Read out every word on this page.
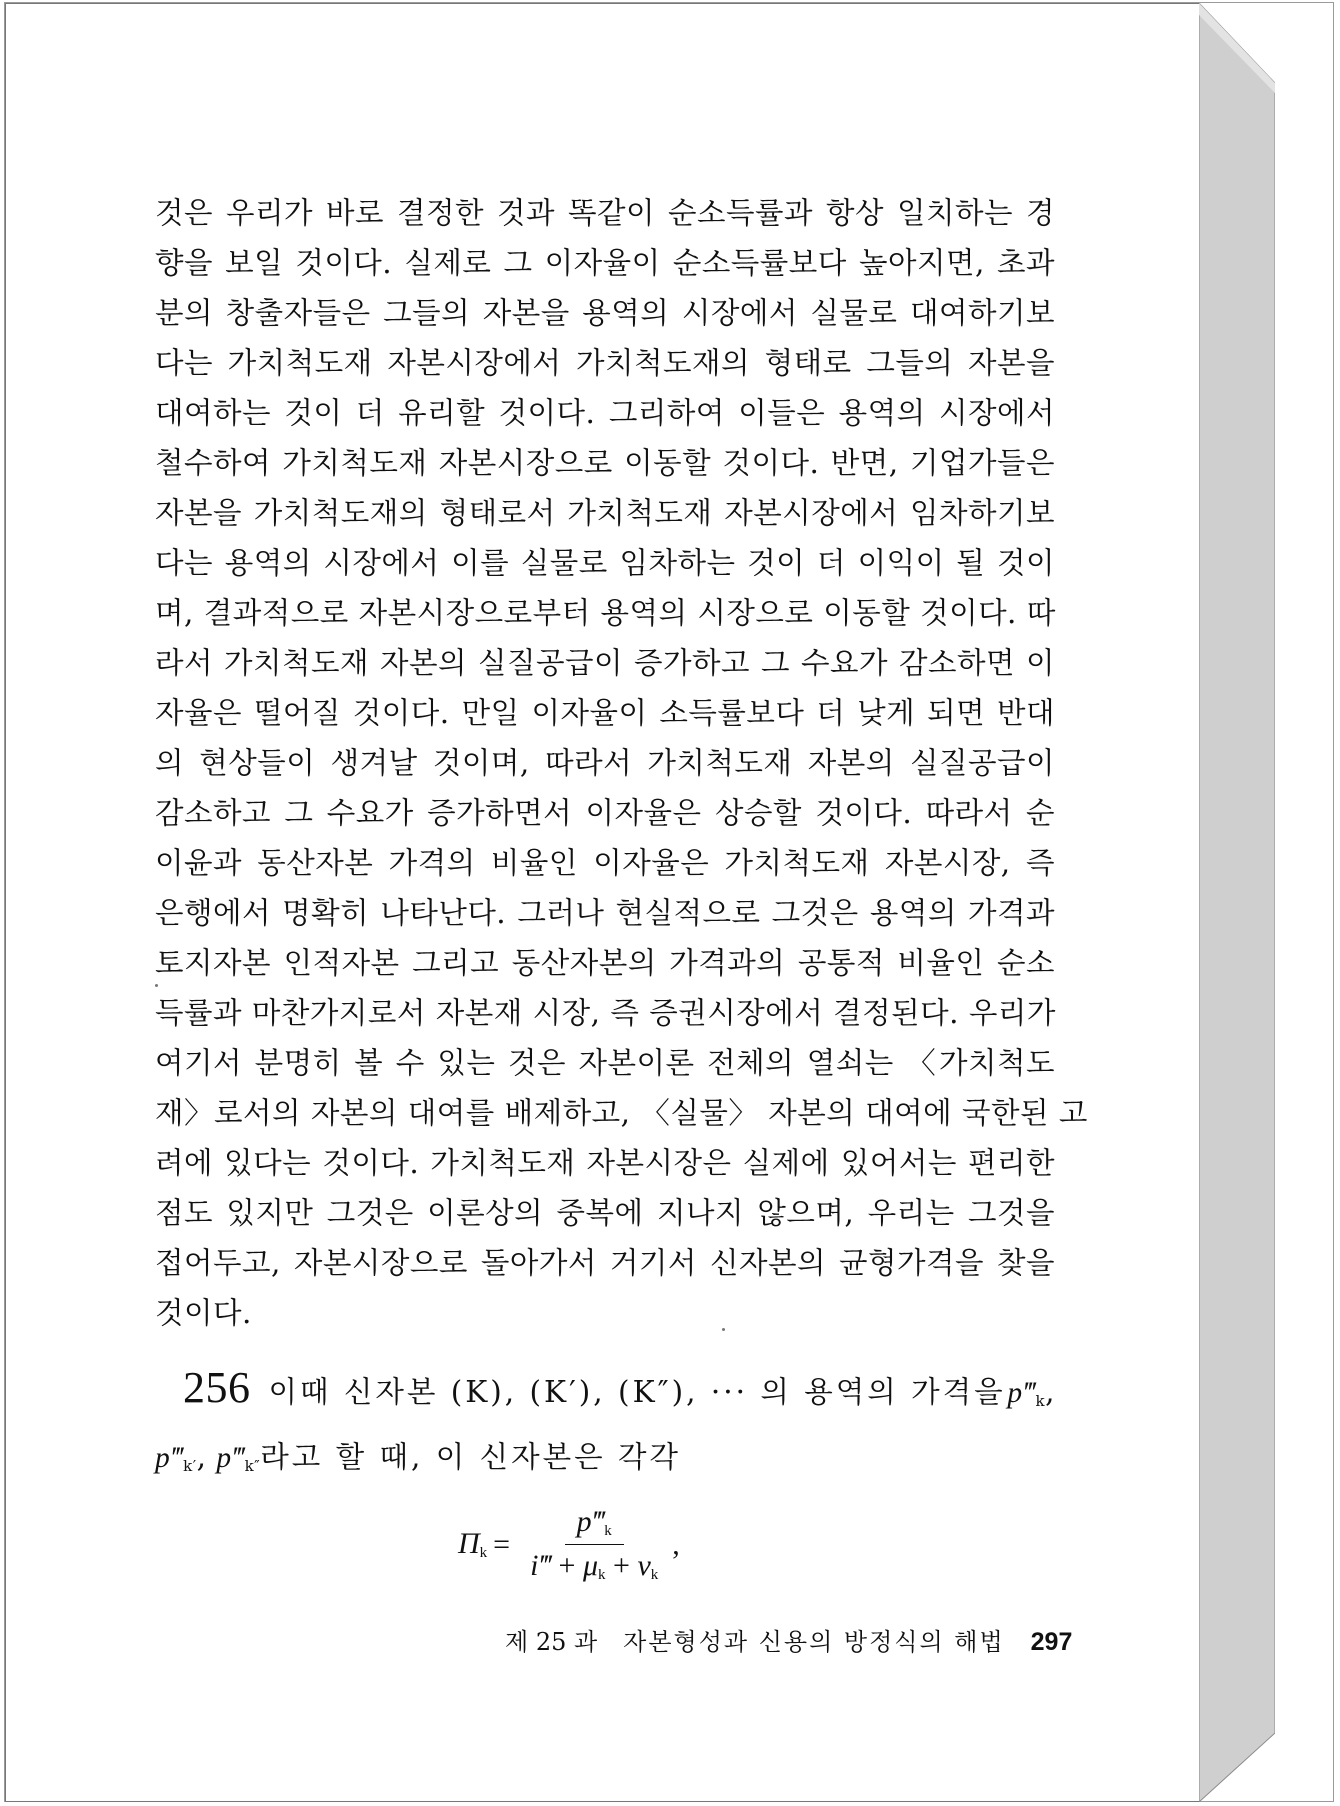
것은 우리가 바로 결정한 것과 똑같이 순소득률과 항상 일치하는 경
향을 보일 것이다. 실제로 그 이자율이 순소득률보다 높아지면, 초과
분의 창출자들은 그들의 자본을 용역의 시장에서 실물로 대여하기보
다는 가치척도재 자본시장에서 가치척도재의 형태로 그들의 자본을
대여하는 것이 더 유리할 것이다. 그리하여 이들은 용역의 시장에서
철수하여 가치척도재 자본시장으로 이동할 것이다. 반면, 기업가들은
자본을 가치척도재의 형태로서 가치척도재 자본시장에서 임차하기보
다는 용역의 시장에서 이를 실물로 임차하는 것이 더 이익이 될 것이
며, 결과적으로 자본시장으로부터 용역의 시장으로 이동할 것이다. 따
라서 가치척도재 자본의 실질공급이 증가하고 그 수요가 감소하면 이
자율은 떨어질 것이다. 만일 이자율이 소득률보다 더 낮게 되면 반대
의 현상들이 생겨날 것이며, 따라서 가치척도재 자본의 실질공급이
감소하고 그 수요가 증가하면서 이자율은 상승할 것이다. 따라서 순
이윤과 동산자본 가격의 비율인 이자율은 가치척도재 자본시장, 즉
은행에서 명확히 나타난다. 그러나 현실적으로 그것은 용역의 가격과
토지자본 인적자본 그리고 동산자본의 가격과의 공통적 비율인 순소
득률과 마찬가지로서 자본재 시장, 즉 증권시장에서 결정된다. 우리가
여기서 분명히 볼 수 있는 것은 자본이론 전체의 열쇠는 〈가치척도
재〉로서의 자본의 대여를 배제하고, 〈실물〉 자본의 대여에 국한된 고
려에 있다는 것이다. 가치척도재 자본시장은 실제에 있어서는 편리한
점도 있지만 그것은 이론상의 중복에 지나지 않으며, 우리는 그것을
접어두고, 자본시장으로 돌아가서 거기서 신자본의 균형가격을 찾을
것이다.
256 이때 신자본 (K), (K′), (K″), ··· 의 용역의 가격을 $p‴_k$,
$p‴_{k'}$, $p‴_{k''}$라고 할 때, 이 신자본은 각각
$\Pi_k = \frac{p‴_k}{i‴ + \mu_k + \nu_k}$ ,
제 25 과 자본형성과 신용의 방정식의 해법 297
